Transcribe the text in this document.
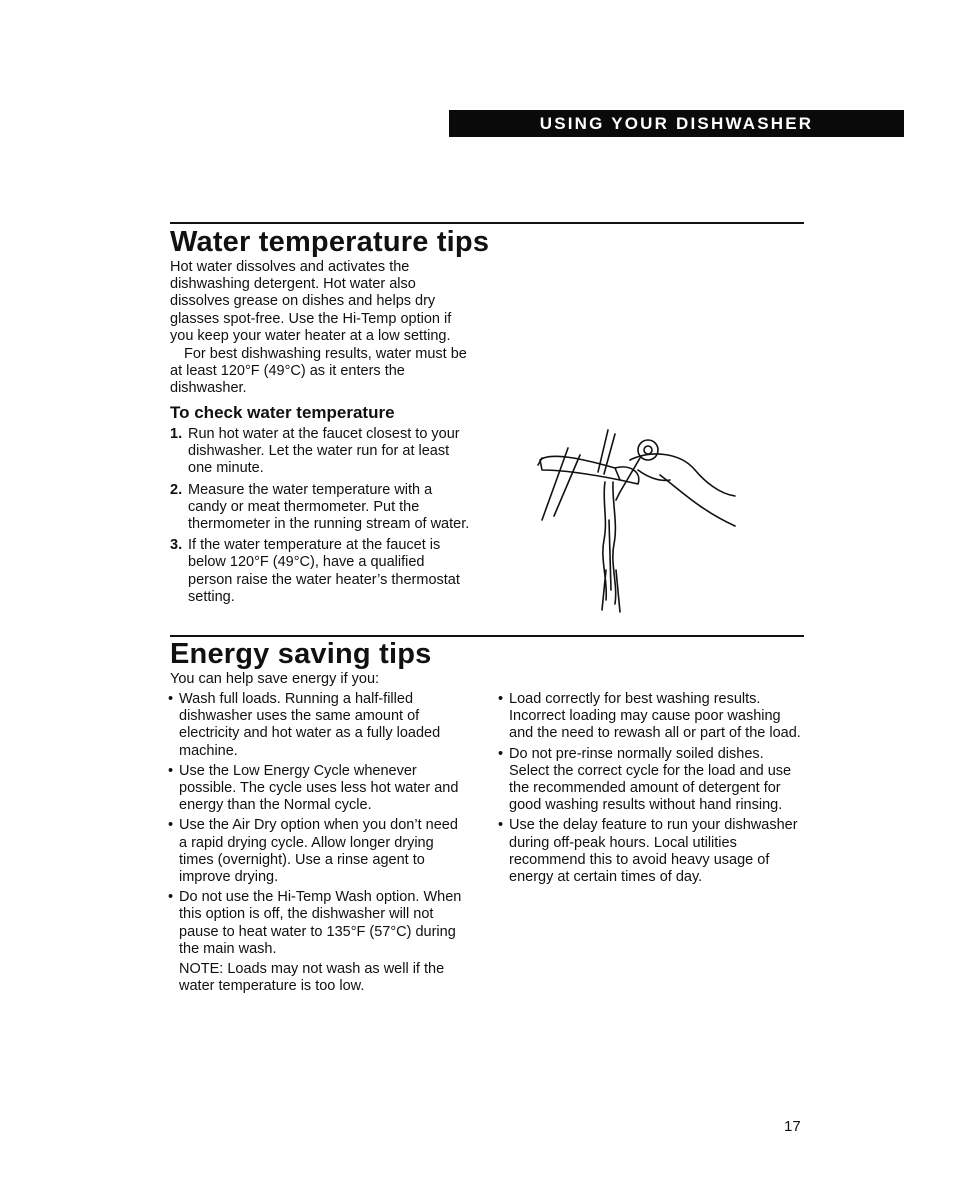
USING YOUR DISHWASHER
Water temperature tips

Hot water dissolves and activates the dishwashing detergent. Hot water also dissolves grease on dishes and helps dry glasses spot-free. Use the Hi-Temp option if you keep your water heater at a low setting.

For best dishwashing results, water must be at least 120°F (49°C) as it enters the dishwasher.

To check water temperature
1. Run hot water at the faucet closest to your dishwasher. Let the water run for at least one minute.
2. Measure the water temperature with a candy or meat thermometer. Put the thermometer in the running stream of water.
3. If the water temperature at the faucet is below 120°F (49°C), have a qualified person raise the water heater’s thermostat setting.
Energy saving tips

You can help save energy if you:

• Wash full loads. Running a half-filled dishwasher uses the same amount of electricity and hot water as a fully loaded machine.
• Use the Low Energy Cycle whenever possible. The cycle uses less hot water and energy than the Normal cycle.
• Use the Air Dry option when you don’t need a rapid drying cycle. Allow longer drying times (overnight). Use a rinse agent to improve drying.
• Do not use the Hi-Temp Wash option. When this option is off, the dishwasher will not pause to heat water to 135°F (57°C) during the main wash.
NOTE: Loads may not wash as well if the water temperature is too low.
• Load correctly for best washing results. Incorrect loading may cause poor washing and the need to rewash all or part of the load.
• Do not pre-rinse normally soiled dishes. Select the correct cycle for the load and use the recommended amount of detergent for good washing results without hand rinsing.
• Use the delay feature to run your dishwasher during off-peak hours. Local utilities recommend this to avoid heavy usage of energy at certain times of day.
17
